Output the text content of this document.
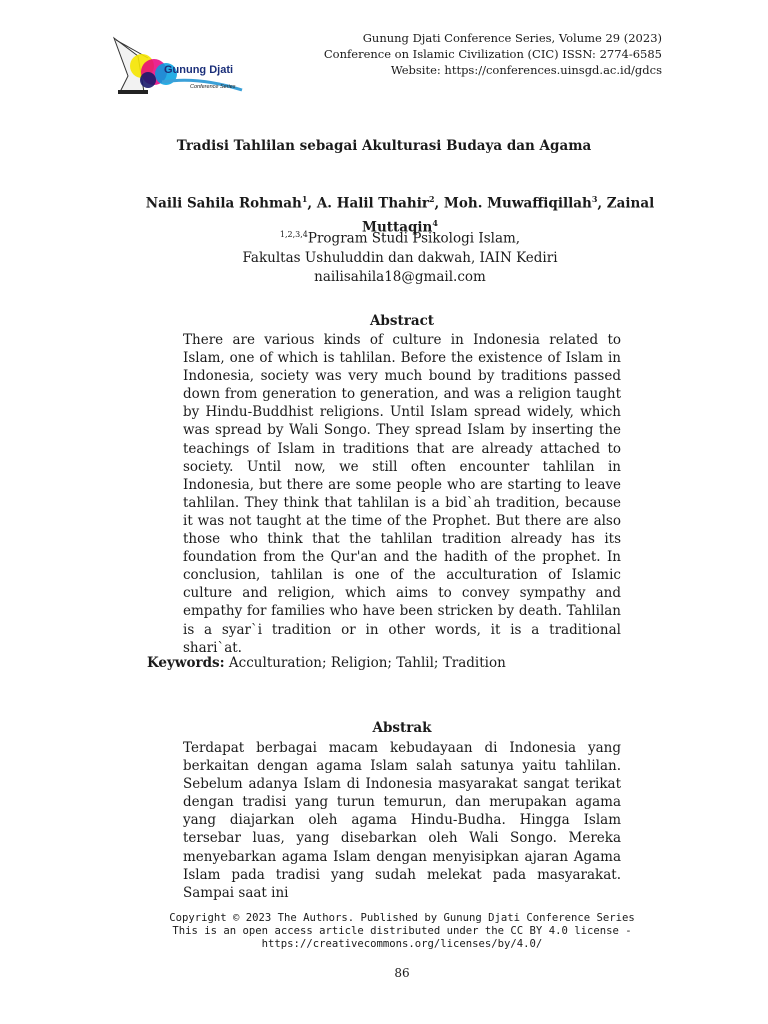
Gunung Djati
Conference Series
Gunung Djati Conference Series, Volume 29 (2023)
Conference on Islamic Civilization (CIC) ISSN: 2774-6585
Website: https://conferences.uinsgd.ac.id/gdcs
Tradisi Tahlilan sebagai Akulturasi Budaya dan Agama
Naili Sahila Rohmah$^1$, A. Halil Thahir$^2$, Moh. Muwaffiqillah$^3$, Zainal Muttaqin$^4$
$^{1,2,3,4}$Program Studi Psikologi Islam,
Fakultas Ushuluddin dan dakwah, IAIN Kediri
nailisahila18@gmail.com
Abstract
There are various kinds of culture in Indonesia related to Islam, one of which is tahlilan. Before the existence of Islam in Indonesia, society was very much bound by traditions passed down from generation to generation, and was a religion taught by Hindu-Buddhist religions. Until Islam spread widely, which was spread by Wali Songo. They spread Islam by inserting the teachings of Islam in traditions that are already attached to society. Until now, we still often encounter tahlilan in Indonesia, but there are some people who are starting to leave tahlilan. They think that tahlilan is a bid`ah tradition, because it was not taught at the time of the Prophet. But there are also those who think that the tahlilan tradition already has its foundation from the Qur'an and the hadith of the prophet. In conclusion, tahlilan is one of the acculturation of Islamic culture and religion, which aims to convey sympathy and empathy for families who have been stricken by death. Tahlilan is a syar`i tradition or in other words, it is a traditional shari`at.
Keywords: Acculturation; Religion; Tahlil; Tradition
Abstrak
Terdapat berbagai macam kebudayaan di Indonesia yang berkaitan dengan agama Islam salah satunya yaitu tahlilan. Sebelum adanya Islam di Indonesia masyarakat sangat terikat dengan tradisi yang turun temurun, dan merupakan agama yang diajarkan oleh agama Hindu-Budha. Hingga Islam tersebar luas, yang disebarkan oleh Wali Songo. Mereka menyebarkan agama Islam dengan menyisipkan ajaran Agama Islam pada tradisi yang sudah melekat pada masyarakat. Sampai saat ini
Copyright © 2023 The Authors. Published by Gunung Djati Conference Series
This is an open access article distributed under the CC BY 4.0 license -
https://creativecommons.org/licenses/by/4.0/
86
